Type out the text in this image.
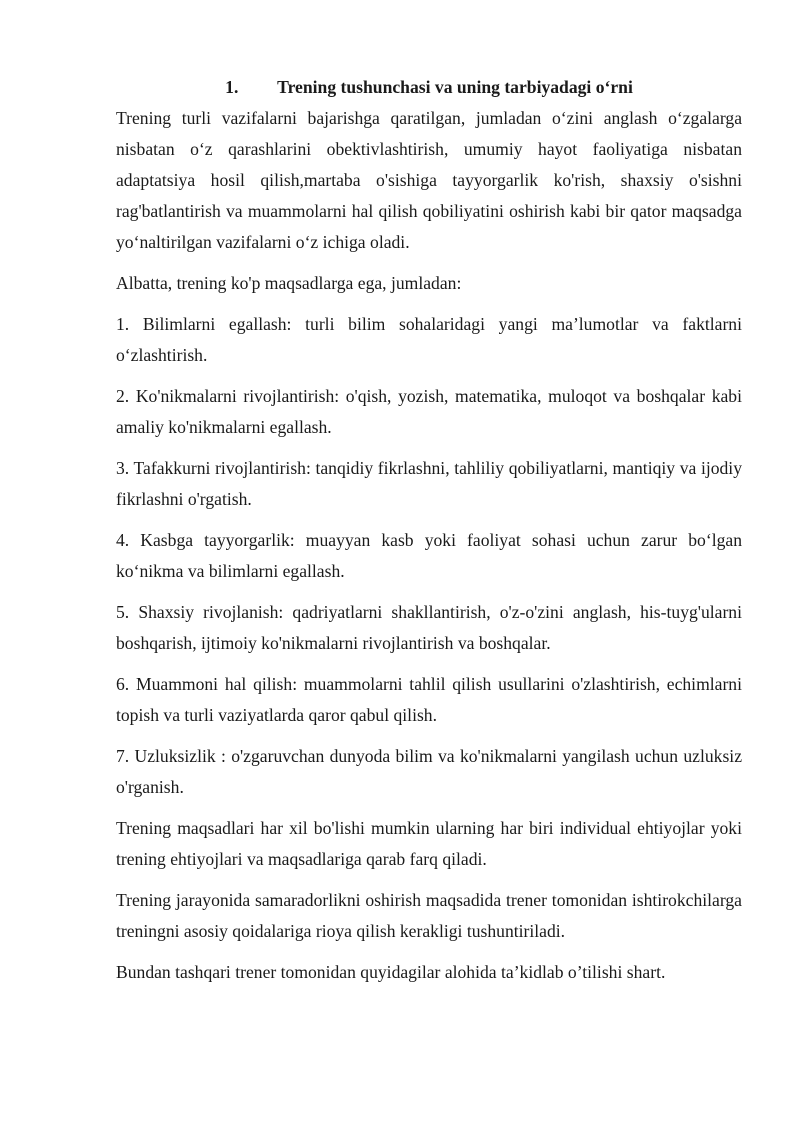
1. Trening tushunchasi va uning tarbiyadagi o‘rni

Trening turli vazifalarni bajarishga qaratilgan, jumladan o‘zini anglash o‘zgalarga nisbatan o‘z qarashlarini obektivlashtirish, umumiy hayot faoliyatiga nisbatan adaptatsiya hosil qilish,martaba o'sishiga tayyorgarlik ko'rish, shaxsiy o'sishni rag'batlantirish va muammolarni hal qilish qobiliyatini oshirish kabi bir qator maqsadga yo‘naltirilgan vazifalarni o‘z ichiga oladi.

Albatta, trening ko'p maqsadlarga ega, jumladan:

1. Bilimlarni egallash: turli bilim sohalaridagi yangi ma’lumotlar va faktlarni o‘zlashtirish.

2. Ko'nikmalarni rivojlantirish: o'qish, yozish, matematika, muloqot va boshqalar kabi amaliy ko'nikmalarni egallash.

3. Tafakkurni rivojlantirish: tanqidiy fikrlashni, tahliliy qobiliyatlarni, mantiqiy va ijodiy fikrlashni o'rgatish.

4. Kasbga tayyorgarlik: muayyan kasb yoki faoliyat sohasi uchun zarur bo‘lgan ko‘nikma va bilimlarni egallash.

5. Shaxsiy rivojlanish: qadriyatlarni shakllantirish, o'z-o'zini anglash, his-tuyg'ularni boshqarish, ijtimoiy ko'nikmalarni rivojlantirish va boshqalar.

6. Muammoni hal qilish: muammolarni tahlil qilish usullarini o'zlashtirish, echimlarni topish va turli vaziyatlarda qaror qabul qilish.

7. Uzluksizlik : o'zgaruvchan dunyoda bilim va ko'nikmalarni yangilash uchun uzluksiz o'rganish.

Trening maqsadlari har xil bo'lishi mumkin ularning har biri individual ehtiyojlar yoki trening ehtiyojlari va maqsadlariga qarab farq qiladi.

Trening jarayonida samaradorlikni oshirish maqsadida trener tomonidan ishtirokchilarga treningni asosiy qoidalariga rioya qilish kerakligi tushuntiriladi.

Bundan tashqari trener tomonidan quyidagilar alohida ta’kidlab o’tilishi shart.
